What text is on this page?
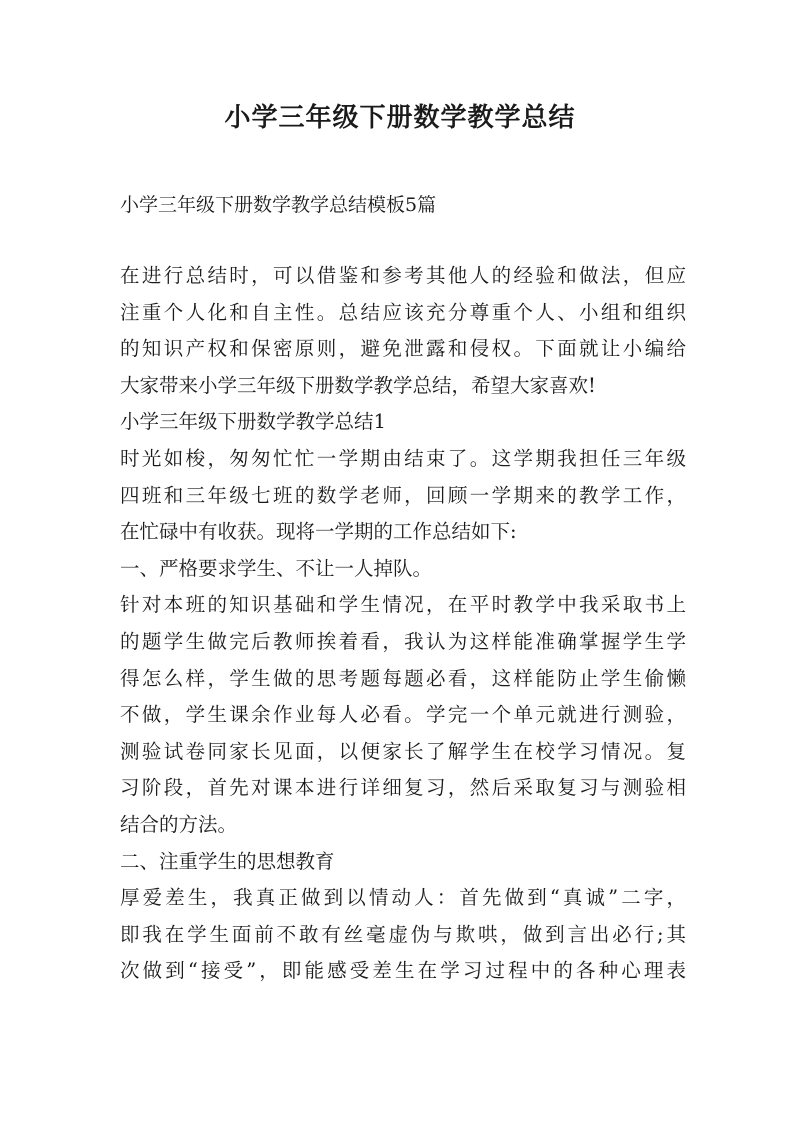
小学三年级下册数学教学总结

小学三年级下册数学教学总结模板5篇

在进行总结时，可以借鉴和参考其他人的经验和做法，但应
注重个人化和自主性。总结应该充分尊重个人、小组和组织
的知识产权和保密原则，避免泄露和侵权。下面就让小编给
大家带来小学三年级下册数学教学总结，希望大家喜欢!
小学三年级下册数学教学总结1
时光如梭，匆匆忙忙一学期由结束了。这学期我担任三年级
四班和三年级七班的数学老师，回顾一学期来的教学工作，
在忙碌中有收获。现将一学期的工作总结如下:
一、严格要求学生、不让一人掉队。
针对本班的知识基础和学生情况，在平时教学中我采取书上
的题学生做完后教师挨着看，我认为这样能准确掌握学生学
得怎么样，学生做的思考题每题必看，这样能防止学生偷懒
不做，学生课余作业每人必看。学完一个单元就进行测验，
测验试卷同家长见面，以便家长了解学生在校学习情况。复
习阶段，首先对课本进行详细复习，然后采取复习与测验相
结合的方法。
二、注重学生的思想教育
厚爱差生，我真正做到以情动人：首先做到“真诚”二字，
即我在学生面前不敢有丝毫虚伪与欺哄，做到言出必行;其
次做到“接受”，即能感受差生在学习过程中的各种心理表
